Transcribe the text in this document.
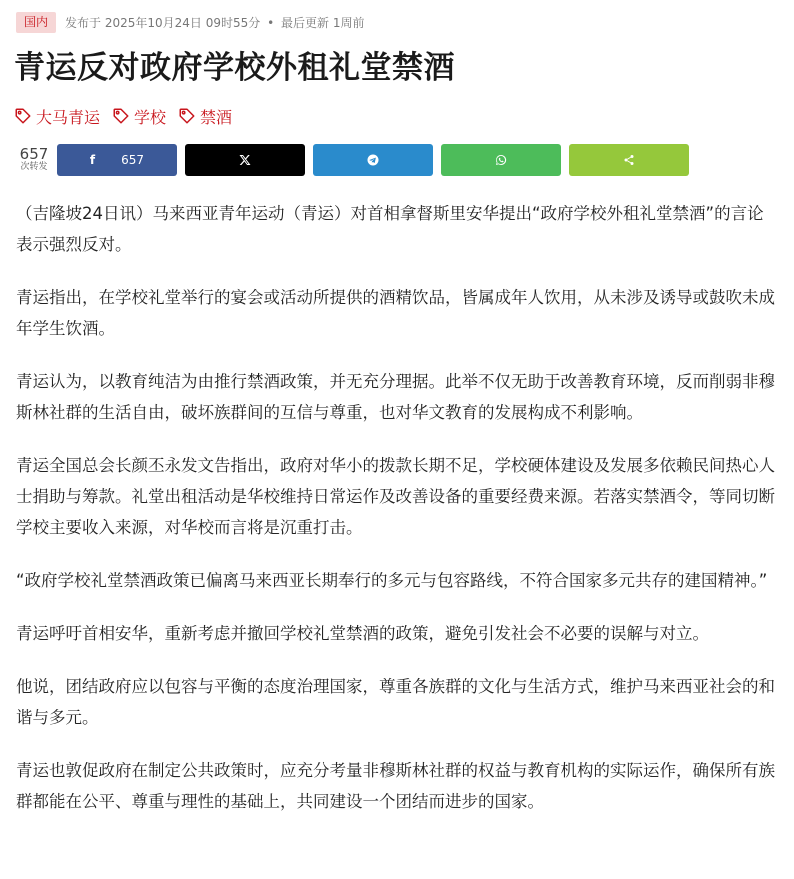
国内	发布于 2025年10月24日 09时55分 • 最后更新 1周前
青运反对政府学校外租礼堂禁酒
大马青运 学校 禁酒
657
次转发	f 657

（吉隆坡24日讯）马来西亚青年运动（青运）对首相拿督斯里安华提出“政府学校外租礼堂禁酒”的言论表示强烈反对。

青运指出，在学校礼堂举行的宴会或活动所提供的酒精饮品，皆属成年人饮用，从未涉及诱导或鼓吹未成年学生饮酒。

青运认为，以教育纯洁为由推行禁酒政策，并无充分理据。此举不仅无助于改善教育环境，反而削弱非穆斯林社群的生活自由，破坏族群间的互信与尊重，也对华文教育的发展构成不利影响。

青运全国总会长颜丕永发文告指出，政府对华小的拨款长期不足，学校硬体建设及发展多依赖民间热心人士捐助与筹款。礼堂出租活动是华校维持日常运作及改善设备的重要经费来源。若落实禁酒令，等同切断学校主要收入来源，对华校而言将是沉重打击。

“政府学校礼堂禁酒政策已偏离马来西亚长期奉行的多元与包容路线，不符合国家多元共存的建国精神。”

青运呼吁首相安华，重新考虑并撤回学校礼堂禁酒的政策，避免引发社会不必要的误解与对立。

他说，团结政府应以包容与平衡的态度治理国家，尊重各族群的文化与生活方式，维护马来西亚社会的和谐与多元。

青运也敦促政府在制定公共政策时，应充分考量非穆斯林社群的权益与教育机构的实际运作，确保所有族群都能在公平、尊重与理性的基础上，共同建设一个团结而进步的国家。
